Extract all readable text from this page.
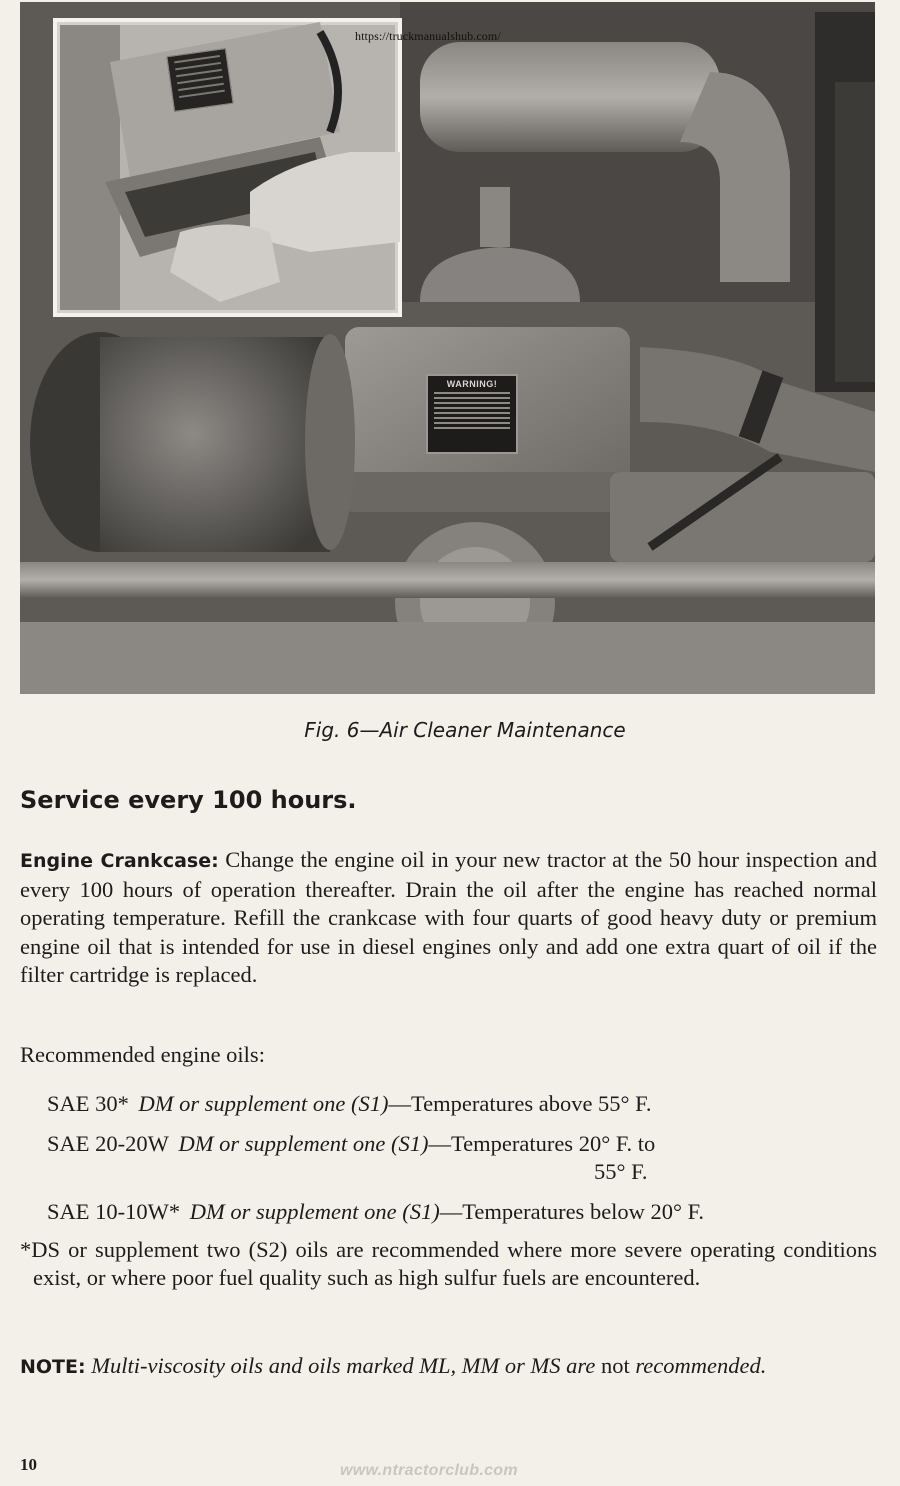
WARNING!
https://truckmanualshub.com/
Fig. 6—Air Cleaner Maintenance
Service every 100 hours.

Engine Crankcase: Change the engine oil in your new tractor at the 50 hour inspection and every 100 hours of operation thereafter. Drain the oil after the engine has reached normal operating temperature. Refill the crankcase with four quarts of good heavy duty or premium engine oil that is intended for use in diesel engines only and add one extra quart of oil if the filter cartridge is replaced.

Recommended engine oils:

SAE 30* DM or supplement one (S1)—Temperatures above 55° F.
SAE 20-20W DM or supplement one (S1)—Temperatures 20° F. to
55° F.
SAE 10-10W* DM or supplement one (S1)—Temperatures below 20° F.
*DS or supplement two (S2) oils are recommended where more severe operating conditions exist, or where poor fuel quality such as high sulfur fuels are encountered.
NOTE: Multi-viscosity oils and oils marked ML, MM or MS are not recommended.
10	www.ntractorclub.com
